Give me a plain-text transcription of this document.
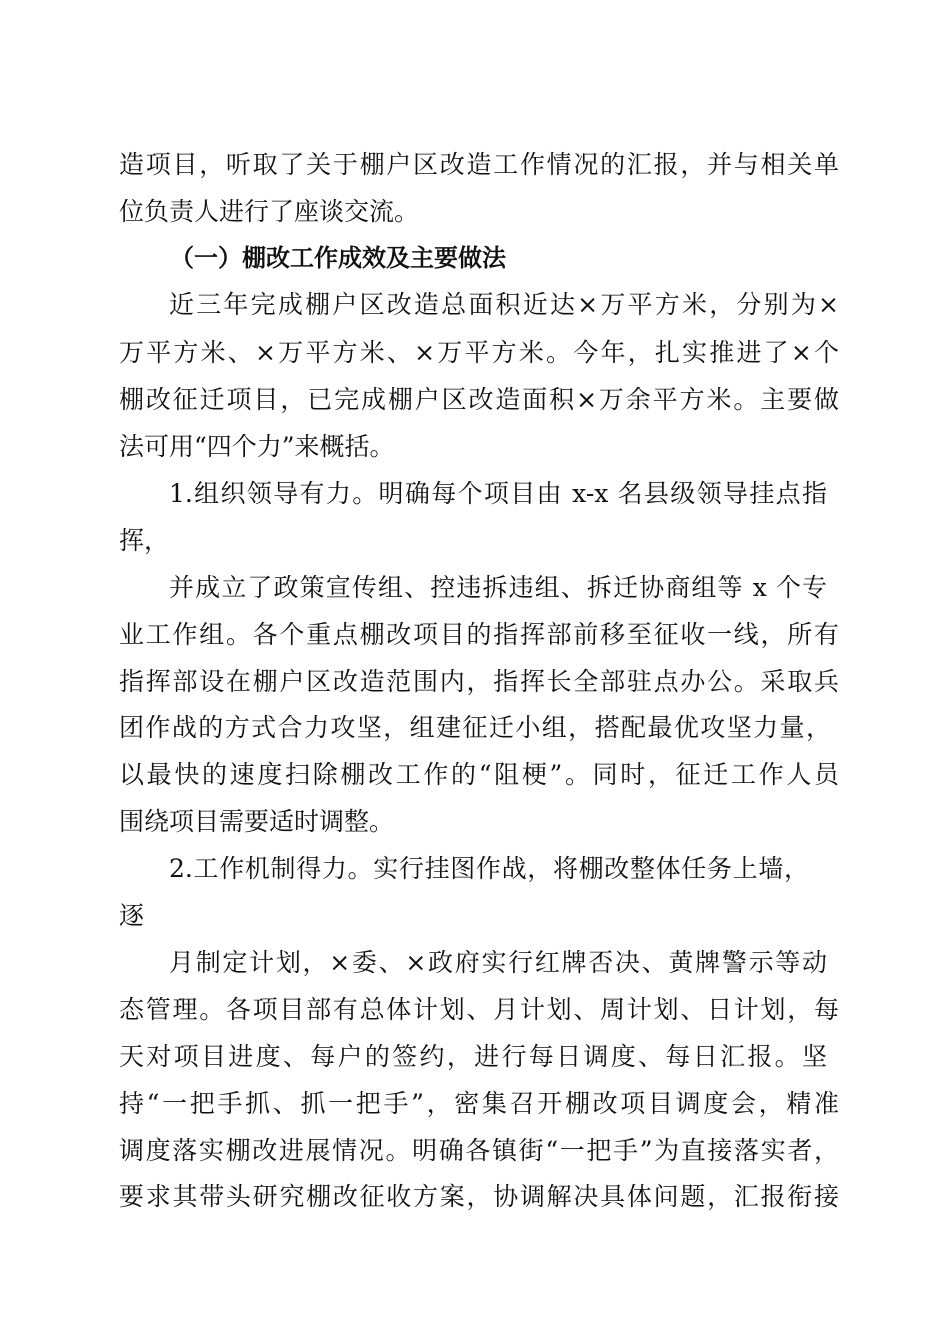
造项目，听取了关于棚户区改造工作情况的汇报，并与相关单
位负责人进行了座谈交流。
（一）棚改工作成效及主要做法
近三年完成棚户区改造总面积近达×万平方米，分别为×
万平方米、×万平方米、×万平方米。今年，扎实推进了×个
棚改征迁项目，已完成棚户区改造面积×万余平方米。主要做
法可用“四个力”来概括。
1.组织领导有力。明确每个项目由 x-x 名县级领导挂点指
挥，
并成立了政策宣传组、控违拆违组、拆迁协商组等 x 个专
业工作组。各个重点棚改项目的指挥部前移至征收一线，所有
指挥部设在棚户区改造范围内，指挥长全部驻点办公。采取兵
团作战的方式合力攻坚，组建征迁小组，搭配最优攻坚力量，
以最快的速度扫除棚改工作的“阻梗”。同时，征迁工作人员
围绕项目需要适时调整。
2.工作机制得力。实行挂图作战，将棚改整体任务上墙，
逐
月制定计划，×委、×政府实行红牌否决、黄牌警示等动
态管理。各项目部有总体计划、月计划、周计划、日计划，每
天对项目进度、每户的签约，进行每日调度、每日汇报。坚
持“一把手抓、抓一把手”，密集召开棚改项目调度会，精准
调度落实棚改进展情况。明确各镇街“一把手”为直接落实者，
要求其带头研究棚改征收方案，协调解决具体问题，汇报衔接
